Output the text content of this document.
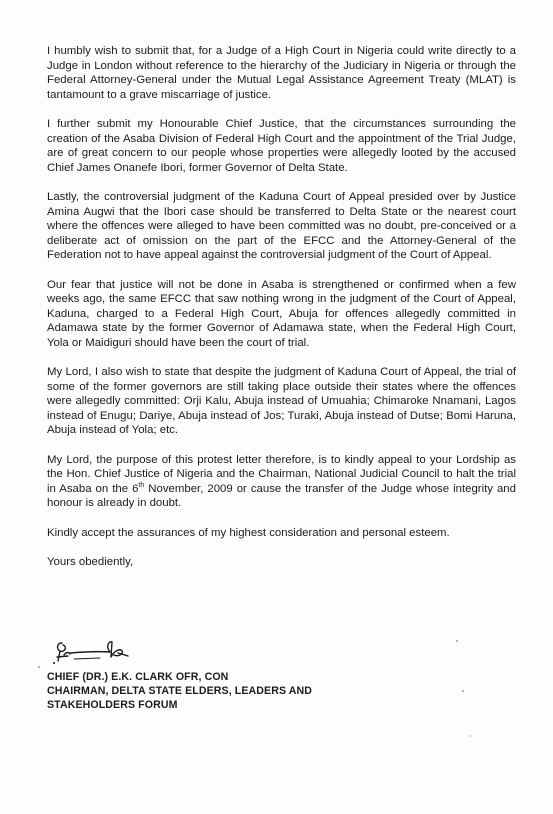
I humbly wish to submit that, for a Judge of a High Court in Nigeria could write directly to a Judge in London without reference to the hierarchy of the Judiciary in Nigeria or through the Federal Attorney-General under the Mutual Legal Assistance Agreement Treaty (MLAT) is tantamount to a grave miscarriage of justice.

I further submit my Honourable Chief Justice, that the circumstances surrounding the creation of the Asaba Division of Federal High Court and the appointment of the Trial Judge, are of great concern to our people whose properties were allegedly looted by the accused Chief James Onanefe Ibori, former Governor of Delta State.

Lastly, the controversial judgment of the Kaduna Court of Appeal presided over by Justice Amina Augwi that the Ibori case should be transferred to Delta State or the nearest court where the offences were alleged to have been committed was no doubt, pre-conceived or a deliberate act of omission on the part of the EFCC and the Attorney-General of the Federation not to have appeal against the controversial judgment of the Court of Appeal.

Our fear that justice will not be done in Asaba is strengthened or confirmed when a few weeks ago, the same EFCC that saw nothing wrong in the judgment of the Court of Appeal, Kaduna, charged to a Federal High Court, Abuja for offences allegedly committed in Adamawa state by the former Governor of Adamawa state, when the Federal High Court, Yola or Maidiguri should have been the court of trial.

My Lord, I also wish to state that despite the judgment of Kaduna Court of Appeal, the trial of some of the former governors are still taking place outside their states where the offences were allegedly committed: Orji Kalu, Abuja instead of Umuahia; Chimaroke Nnamani, Lagos instead of Enugu; Dariye, Abuja instead of Jos; Turaki, Abuja instead of Dutse; Bomi Haruna, Abuja instead of Yola; etc.

My Lord, the purpose of this protest letter therefore, is to kindly appeal to your Lordship as the Hon. Chief Justice of Nigeria and the Chairman, National Judicial Council to halt the trial in Asaba on the 6th November, 2009 or cause the transfer of the Judge whose integrity and honour is already in doubt.

Kindly accept the assurances of my highest consideration and personal esteem.

Yours obediently,

CHIEF (DR.) E.K. CLARK OFR, CON
CHAIRMAN, DELTA STATE ELDERS, LEADERS AND
STAKEHOLDERS FORUM
